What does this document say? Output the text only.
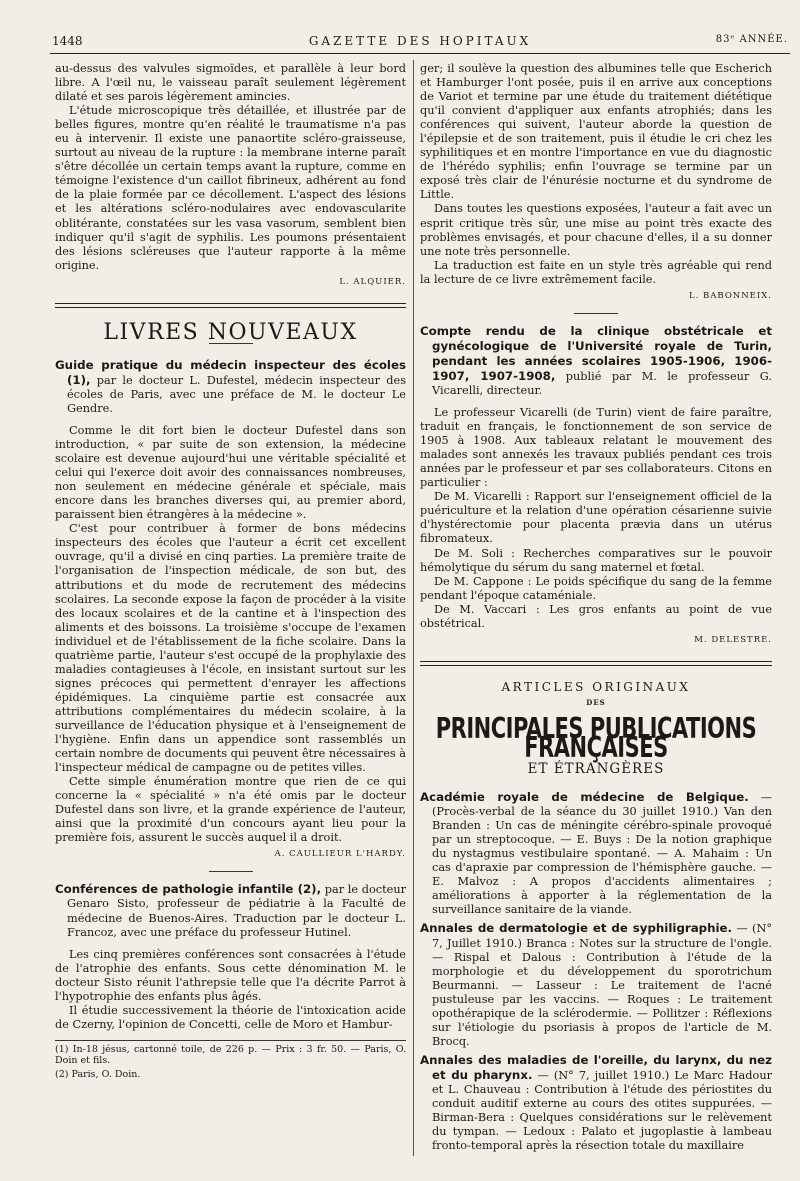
1448	GAZETTE DES HOPITAUX	83ᵉ ANNÉE.

au-dessus des valvules sigmoïdes, et parallèle à leur bord libre. A l'œil nu, le vaisseau paraît seulement légèrement dilaté et ses parois légèrement amincies.

L'étude microscopique très détaillée, et illustrée par de belles figures, montre qu'en réalité le traumatisme n'a pas eu à intervenir. Il existe une panaortite scléro-graisseuse, surtout au niveau de la rupture : la membrane interne paraît s'être décollée un certain temps avant la rupture, comme en témoigne l'existence d'un caillot fibrineux, adhérent au fond de la plaie formée par ce décollement. L'aspect des lésions et les altérations scléro-nodulaires avec endovascularite oblitérante, constatées sur les vasa vasorum, semblent bien indiquer qu'il s'agit de syphilis. Les poumons présentaient des lésions scléreuses que l'auteur rapporte à la même origine.

L. ALQUIER.
LIVRES NOUVEAUX

Guide pratique du médecin inspecteur des écoles (1), par le docteur L. Dufestel, médecin inspecteur des écoles de Paris, avec une préface de M. le docteur Le Gendre.

Comme le dit fort bien le docteur Dufestel dans son introduction, « par suite de son extension, la médecine scolaire est devenue aujourd'hui une véritable spécialité et celui qui l'exerce doit avoir des connaissances nombreuses, non seulement en médecine générale et spéciale, mais encore dans les branches diverses qui, au premier abord, paraissent bien étrangères à la médecine ».

C'est pour contribuer à former de bons médecins inspecteurs des écoles que l'auteur a écrit cet excellent ouvrage, qu'il a divisé en cinq parties. La première traite de l'organisation de l'inspection médicale, de son but, des attributions et du mode de recrutement des médecins scolaires. La seconde expose la façon de procéder à la visite des locaux scolaires et de la cantine et à l'inspection des aliments et des boissons. La troisième s'occupe de l'examen individuel et de l'établissement de la fiche scolaire. Dans la quatrième partie, l'auteur s'est occupé de la prophylaxie des maladies contagieuses à l'école, en insistant surtout sur les signes précoces qui permettent d'enrayer les affections épidémiques. La cinquième partie est consacrée aux attributions complémentaires du médecin scolaire, à la surveillance de l'éducation physique et à l'enseignement de l'hygiène. Enfin dans un appendice sont rassemblés un certain nombre de documents qui peuvent être nécessaires à l'inspecteur médical de campagne ou de petites villes.

Cette simple énumération montre que rien de ce qui concerne la « spécialité » n'a été omis par le docteur Dufestel dans son livre, et la grande expérience de l'auteur, ainsi que la proximité d'un concours ayant lieu pour la première fois, assurent le succès auquel il a droit.

A. CAULLIEUR L'HARDY.

Conférences de pathologie infantile (2), par le docteur Genaro Sisto, professeur de pédiatrie à la Faculté de médecine de Buenos-Aires. Traduction par le docteur L. Francoz, avec une préface du professeur Hutinel.

Les cinq premières conférences sont consacrées à l'étude de l'atrophie des enfants. Sous cette dénomination M. le docteur Sisto réunit l'athrepsie telle que l'a décrite Parrot à l'hypotrophie des enfants plus âgés.

Il étudie successivement la théorie de l'intoxication acide de Czerny, l'opinion de Concetti, celle de Moro et Hambur-

(1) In-18 jésus, cartonné toile, de 226 p. — Prix : 3 fr. 50. — Paris, O. Doin et fils.

(2) Paris, O. Doin.

ger; il soulève la question des albumines telle que Escherich et Hamburger l'ont posée, puis il en arrive aux conceptions de Variot et termine par une étude du traitement diététique qu'il convient d'appliquer aux enfants atrophiés; dans les conférences qui suivent, l'auteur aborde la question de l'épilepsie et de son traitement, puis il étudie le cri chez les syphilitiques et en montre l'importance en vue du diagnostic de l'hérédo syphilis; enfin l'ouvrage se termine par un exposé très clair de l'énurésie nocturne et du syndrome de Little.

Dans toutes les questions exposées, l'auteur a fait avec un esprit critique très sûr, une mise au point très exacte des problèmes envisagés, et pour chacune d'elles, il a su donner une note très personnelle.

La traduction est faite en un style très agréable qui rend la lecture de ce livre extrêmement facile.

L. BABONNEIX.

Compte rendu de la clinique obstétricale et gynécologique de l'Université royale de Turin, pendant les années scolaires 1905-1906, 1906-1907, 1907-1908, publié par M. le professeur G. Vicarelli, directeur.

Le professeur Vicarelli (de Turin) vient de faire paraître, traduit en français, le fonctionnement de son service de 1905 à 1908. Aux tableaux relatant le mouvement des malades sont annexés les travaux publiés pendant ces trois années par le professeur et par ses collaborateurs. Citons en particulier :

De M. Vicarelli : Rapport sur l'enseignement officiel de la puériculture et la relation d'une opération césarienne suivie d'hystérectomie pour placenta prævia dans un utérus fibromateux.

De M. Soli : Recherches comparatives sur le pouvoir hémolytique du sérum du sang maternel et fœtal.

De M. Cappone : Le poids spécifique du sang de la femme pendant l'époque cataméniale.

De M. Vaccari : Les gros enfants au point de vue obstétrical.

M. DELESTRE.
ARTICLES ORIGINAUX
DES
PRINCIPALES PUBLICATIONS FRANÇAISES
ET ÉTRANGÈRES

Académie royale de médecine de Belgique. — (Procès-verbal de la séance du 30 juillet 1910.) Van den Branden : Un cas de méningite cérébro-spinale provoqué par un streptocoque. — E. Buys : De la notion graphique du nystagmus vestibulaire spontané. — A. Mahaim : Un cas d'apraxie par compression de l'hémisphère gauche. — E. Malvoz : A propos d'accidents alimentaires ; améliorations à apporter à la réglementation de la surveillance sanitaire de la viande.

Annales de dermatologie et de syphiligraphie. — (N° 7, Juillet 1910.) Branca : Notes sur la structure de l'ongle. — Rispal et Dalous : Contribution à l'étude de la morphologie et du développement du sporotrichum Beurmanni. — Lasseur : Le traitement de l'acné pustuleuse par les vaccins. — Roques : Le traitement opothérapique de la sclérodermie. — Pollitzer : Réflexions sur l'étiologie du psoriasis à propos de l'article de M. Brocq.

Annales des maladies de l'oreille, du larynx, du nez et du pharynx. — (N° 7, juillet 1910.) Le Marc Hadour et L. Chauveau : Contribution à l'étude des périostites du conduit auditif externe au cours des otites suppurées. — Birman-Bera : Quelques considérations sur le relèvement du tympan. — Ledoux : Palato et jugoplastie à lambeau fronto-temporal après la résection totale du maxillaire
